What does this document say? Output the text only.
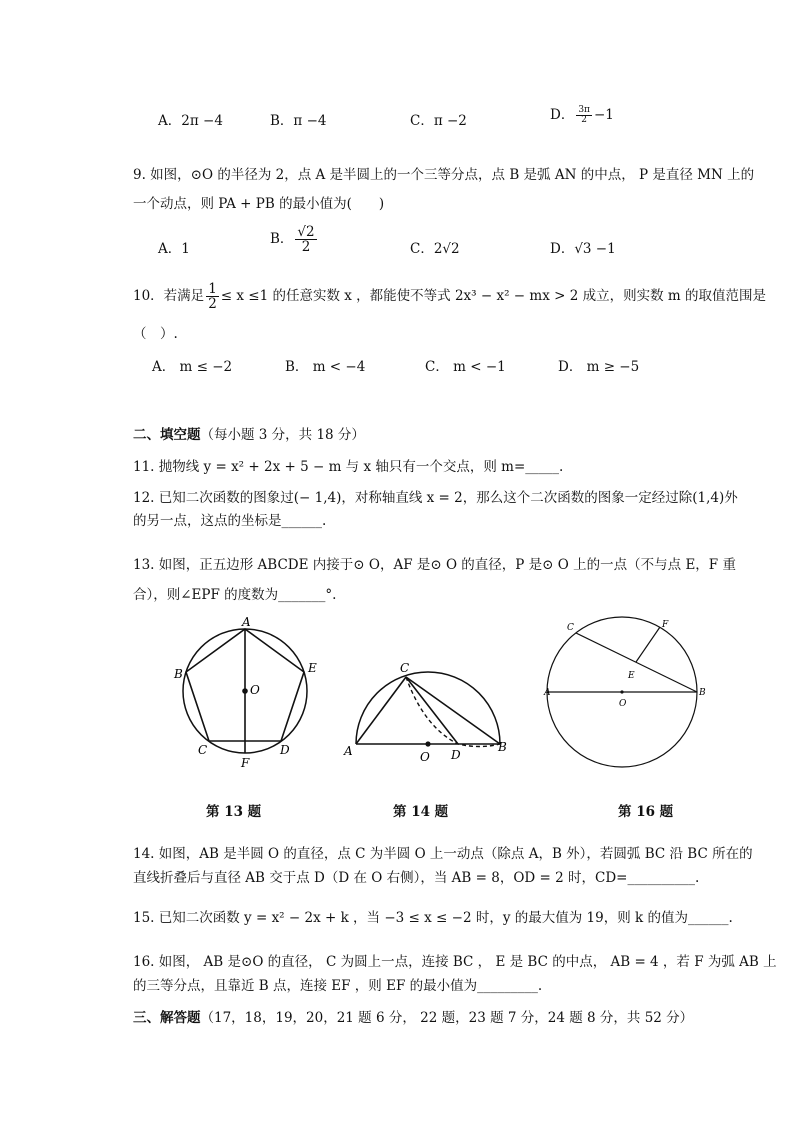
A．2π −4	B．π −4	C．π −2	D． $\frac{3\pi}{2} -1$
9. 如图，⊙O 的半径为 2，点 A 是半圆上的一个三等分点，点 B 是弧 AN 的中点， P 是直径 MN 上的
一个动点，则 PA + PB 的最小值为(　　)
A．1
B． $\frac{√2}{2}$	C．2√2	D．√3 −1
10．若满足 $\frac{1}{2} \le x \le 1$ 的任意实数 x ，都能使不等式 2x³ − x² − mx > 2 成立，则实数 m 的取值范围是
（　）.
A． m ≤ −2	B． m < −4	C． m < −1	D． m ≥ −5
二、填空题（每小题 3 分，共 18 分）
11. 抛物线 y = x² + 2x + 5 − m 与 x 轴只有一个交点，则 m=_____.
12. 已知二次函数的图象过(− 1,4)，对称轴直线 x = 2，那么这个二次函数的图象一定经过除(1,4)外
的另一点，这点的坐标是______.
13. 如图，正五边形 ABCDE 内接于⊙ O，AF 是⊙ O 的直径，P 是⊙ O 上的一点（不与点 E，F 重
合），则∠EPF 的度数为_______°.
A
B
C	D
E
F
O
第 13 题
A	B
C
D
O
第 14 题
C	F
E
A	B
O
第 16 题
14. 如图，AB 是半圆 O 的直径，点 C 为半圆 O 上一动点（除点 A，B 外），若圆弧 BC 沿 BC 所在的
直线折叠后与直径 AB 交于点 D（D 在 O 右侧），当 AB = 8，OD = 2 时，CD=__________.
15. 已知二次函数 y = x² − 2x + k ，当 −3 ≤ x ≤ −2 时，y 的最大值为 19，则 k 的值为______.
16. 如图， AB 是⊙O 的直径， C 为圆上一点，连接 BC ， E 是 BC 的中点， AB = 4 ，若 F 为弧 AB 上
的三等分点，且靠近 B 点，连接 EF ，则 EF 的最小值为_________.
三、解答题（17，18，19，20，21 题 6 分， 22 题，23 题 7 分，24 题 8 分，共 52 分）
